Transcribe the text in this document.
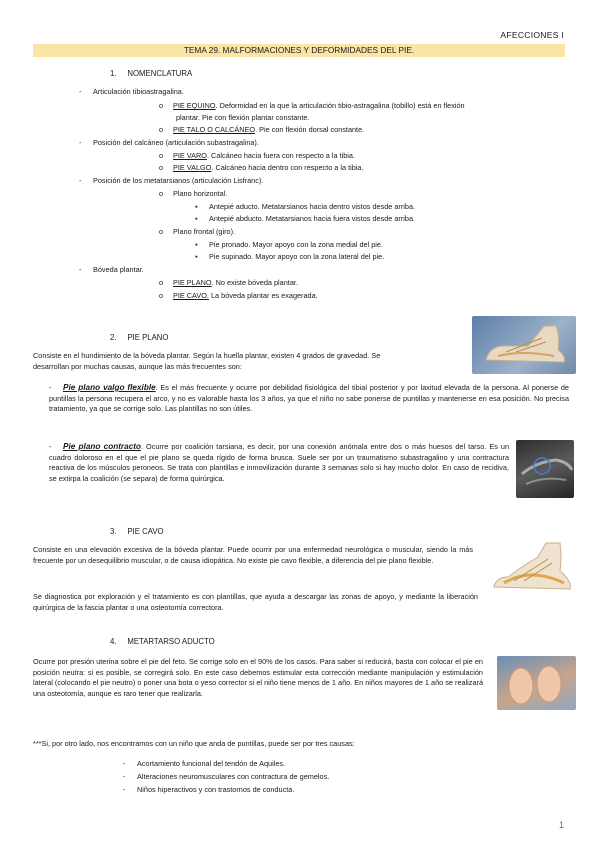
AFECCIONES I
TEMA 29. MALFORMACIONES Y DEFORMIDADES DEL PIE.
1.     NOMENCLATURA
- Articulación tibioastragalina.
o PIE EQUINO. Deformidad en la que la articulación tibio-astragalina (tobillo) está en flexión
plantar. Pie con flexión plantar constante.
o PIE TALO O CALCÁNEO. Pie con flexión dorsal constante.
- Posición del calcáneo (articulación subastragalina).
o PIE VARO. Calcáneo hacia fuera con respecto a la tibia.
o PIE VALGO. Calcáneo hacia dentro con respecto a la tibia.
- Posición de los metatarsianos (articulación Lisfranc).
o Plano horizontal.
▪ Antepié aducto. Metatarsianos hacia dentro vistos desde arriba.
▪ Antepié abducto. Metatarsianos hacia fuera vistos desde arriba.
o Plano frontal (giro).
▪ Pie pronado. Mayor apoyo con la zona medial del pie.
▪ Pie supinado. Mayor apoyo con la zona lateral del pie.
- Bóveda plantar.
o PIE PLANO. No existe bóveda plantar.
o PIE CAVO. La bóveda plantar es exagerada.
2.     PIE PLANO
Consiste en el hundimiento de la bóveda plantar. Según la huella plantar, existen 4 grados de gravedad. Se
desarrollan por muchas causas, aunque las más frecuentes son:
- Pie plano valgo flexible. Es el más frecuente y ocurre por debilidad fisiológica del tibial posterior y por laxitud elevada de la persona. Al ponerse de puntillas la persona recupera el arco, y no es valorable hasta los 3 años, ya que el niño no sabe ponerse de puntillas y mantenerse en esa posición. No precisa tratamiento, ya que se corrige solo. Las plantillas no son útiles.
- Pie plano contracto. Ocurre por coalición tarsiana, es decir, por una conexión anómala entre dos o más huesos del tarso. Es un cuadro doloroso en el que el pie plano se queda rígido de forma brusca. Suele ser por un traumatismo subastragalino y una contractura reactiva de los músculos peroneos. Se trata con plantillas e inmovilización durante 3 semanas solo si hay mucho dolor. En caso de recidiva, se extirpa la coalición (se separa) de forma quirúrgica.
3.     PIE CAVO
Consiste en una elevación excesiva de la bóveda plantar. Puede ocurrir por una enfermedad neurológica o muscular, siendo la más frecuente por un desequilibrio muscular, o de causa idiopática. No existe pie cavo flexible, a diferencia del pie plano flexible.
Se diagnostica por exploración y el tratamiento es con plantillas, que ayuda a descargar las zonas de apoyo, y mediante la liberación quirúrgica de la fascia plantar o una osteotomía correctora.
4.     METARTARSO ADUCTO
Ocurre por presión uterina sobre el pie del feto. Se corrige solo en el 90% de los casos. Para saber si reducirá, basta con colocar el pie en posición neutra: si es posible, se corregirá solo. En este caso debemos estimular esta corrección mediante manipulación y estimulación lateral (colocando el pie neutro) o poner una bota o yeso corrector si el niño tiene menos de 1 año. En niños mayores de 1 año se realizará una osteotomía, aunque es raro tener que realizarla.
***Si, por otro lado, nos encontramos con un niño que anda de puntillas, puede ser por tres causas:
- Acortamiento funcional del tendón de Aquiles.
- Alteraciones neuromusculares con contractura de gemelos.
- Niños hiperactivos y con trastornos de conducta.
1
